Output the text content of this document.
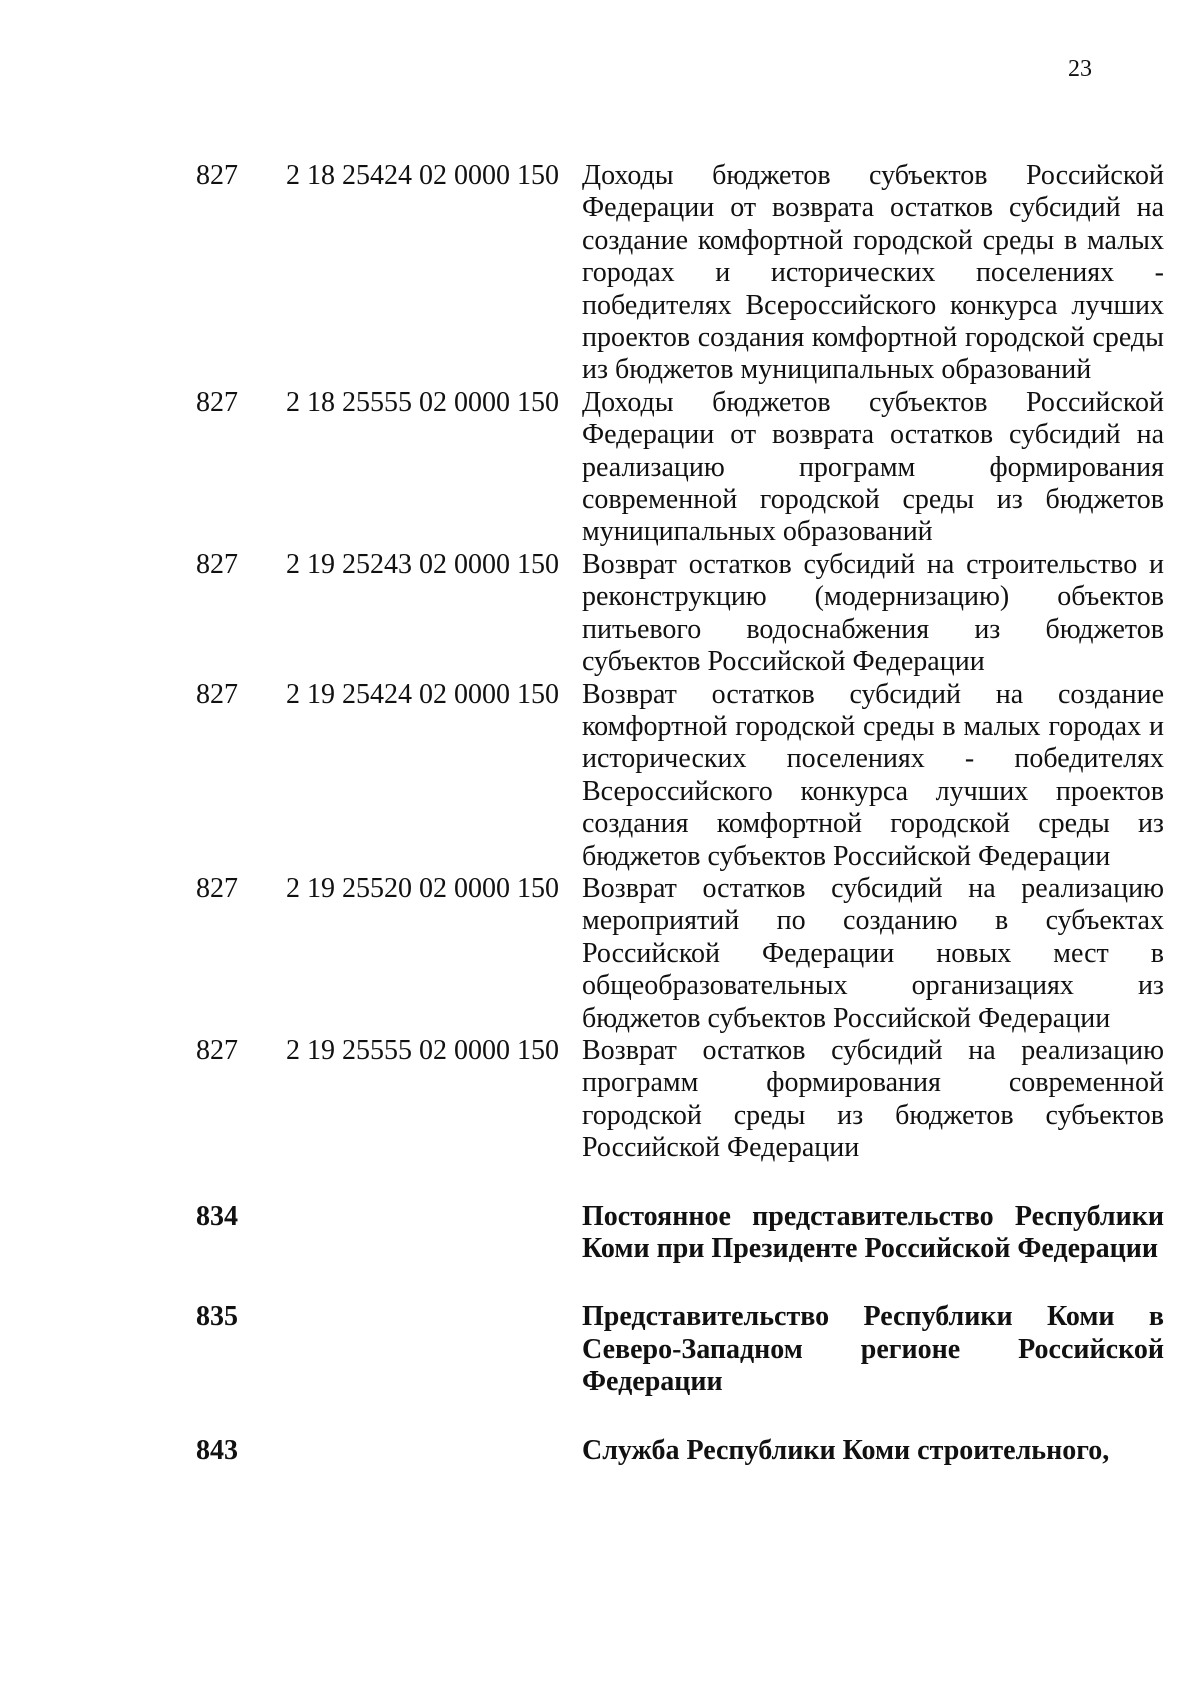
23
827	2 18 25424 02 0000 150 Доходы бюджетов субъектов Российской Федерации от возврата остатков субсидий на создание комфортной городской среды в малых городах и исторических поселениях - победителях Всероссийского конкурса лучших проектов создания комфортной городской среды из бюджетов муниципальных образований
827	2 18 25555 02 0000 150 Доходы бюджетов субъектов Российской Федерации от возврата остатков субсидий на реализацию программ формирования современной городской среды из бюджетов муниципальных образований
827	2 19 25243 02 0000 150 Возврат остатков субсидий на строительство и реконструкцию (модернизацию) объектов питьевого водоснабжения из бюджетов субъектов Российской Федерации
827	2 19 25424 02 0000 150 Возврат остатков субсидий на создание комфортной городской среды в малых городах и исторических поселениях - победителях Всероссийского конкурса лучших проектов создания комфортной городской среды из бюджетов субъектов Российской Федерации
827	2 19 25520 02 0000 150 Возврат остатков субсидий на реализацию мероприятий по созданию в субъектах Российской Федерации новых мест в общеобразовательных организациях из бюджетов субъектов Российской Федерации
827	2 19 25555 02 0000 150 Возврат остатков субсидий на реализацию программ формирования современной городской среды из бюджетов субъектов Российской Федерации
834	Постоянное представительство Республики Коми при Президенте Российской Федерации
835	Представительство Республики Коми в Северо-Западном регионе Российской Федерации
843	Служба Республики Коми строительного,
